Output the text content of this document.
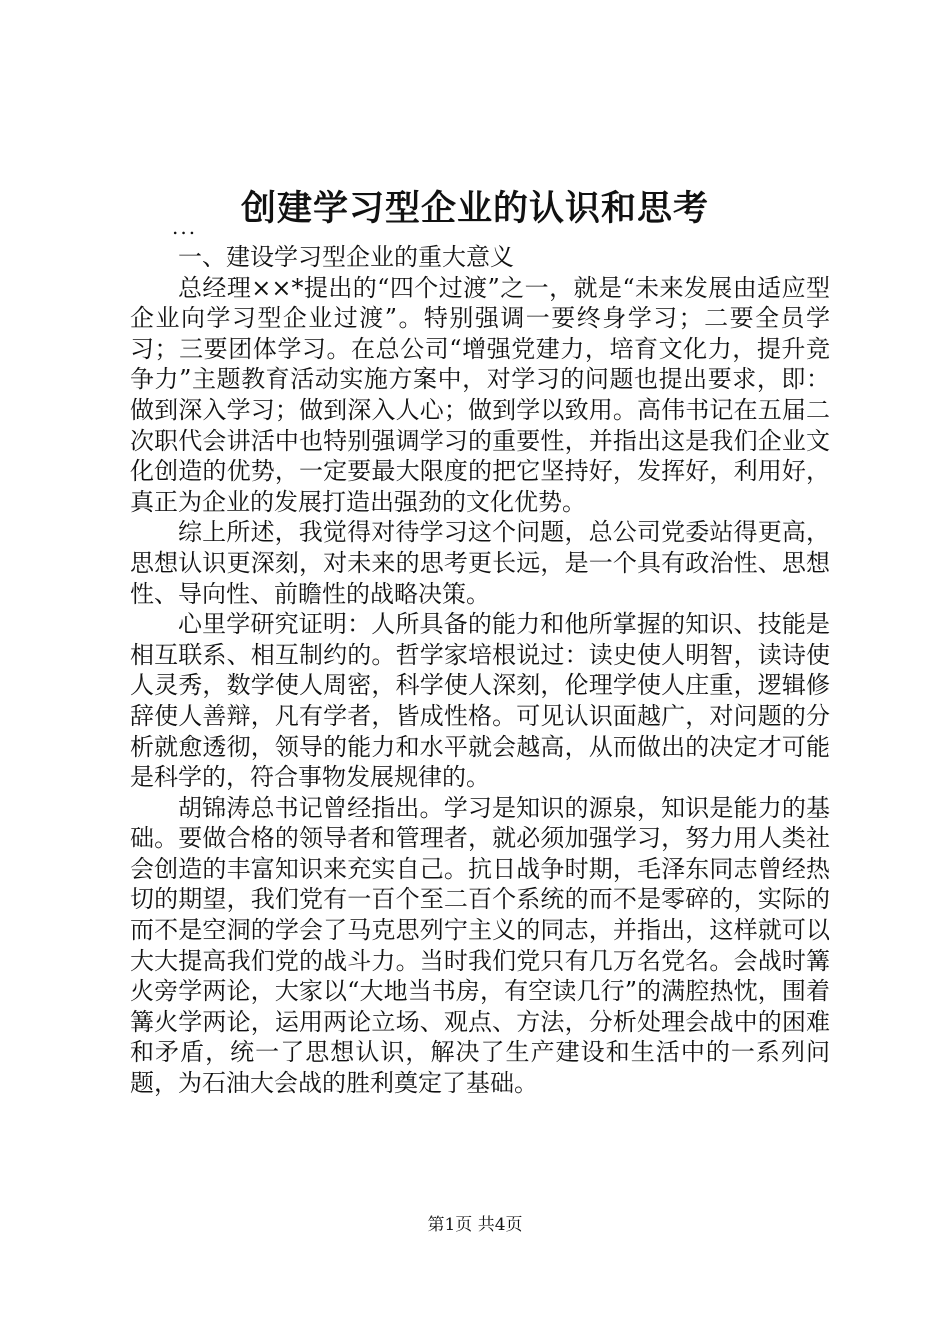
创建学习型企业的认识和思考
...

一、建设学习型企业的重大意义

总经理××*提出的“四个过渡”之一，就是“未来发展由适应型企业向学习型企业过渡”。特别强调一要终身学习；二要全员学习；三要团体学习。在总公司“增强党建力，培育文化力，提升竞争力”主题教育活动实施方案中，对学习的问题也提出要求，即：做到深入学习；做到深入人心；做到学以致用。高伟书记在五届二次职代会讲活中也特别强调学习的重要性，并指出这是我们企业文化创造的优势，一定要最大限度的把它坚持好，发挥好，利用好，真正为企业的发展打造出强劲的文化优势。

综上所述，我觉得对待学习这个问题，总公司党委站得更高，思想认识更深刻，对未来的思考更长远，是一个具有政治性、思想性、导向性、前瞻性的战略决策。

心里学研究证明：人所具备的能力和他所掌握的知识、技能是相互联系、相互制约的。哲学家培根说过：读史使人明智，读诗使人灵秀，数学使人周密，科学使人深刻，伦理学使人庄重，逻辑修辞使人善辩，凡有学者，皆成性格。可见认识面越广，对问题的分析就愈透彻，领导的能力和水平就会越高，从而做出的决定才可能是科学的，符合事物发展规律的。

胡锦涛总书记曾经指出。学习是知识的源泉，知识是能力的基础。要做合格的领导者和管理者，就必须加强学习，努力用人类社会创造的丰富知识来充实自己。抗日战争时期，毛泽东同志曾经热切的期望，我们党有一百个至二百个系统的而不是零碎的，实际的而不是空洞的学会了马克思列宁主义的同志，并指出，这样就可以大大提高我们党的战斗力。当时我们党只有几万名党名。会战时篝火旁学两论，大家以“大地当书房，有空读几行”的满腔热忱，围着篝火学两论，运用两论立场、观点、方法，分析处理会战中的困难和矛盾，统一了思想认识，解决了生产建设和生活中的一系列问题，为石油大会战的胜利奠定了基础。

第1页 共4页
